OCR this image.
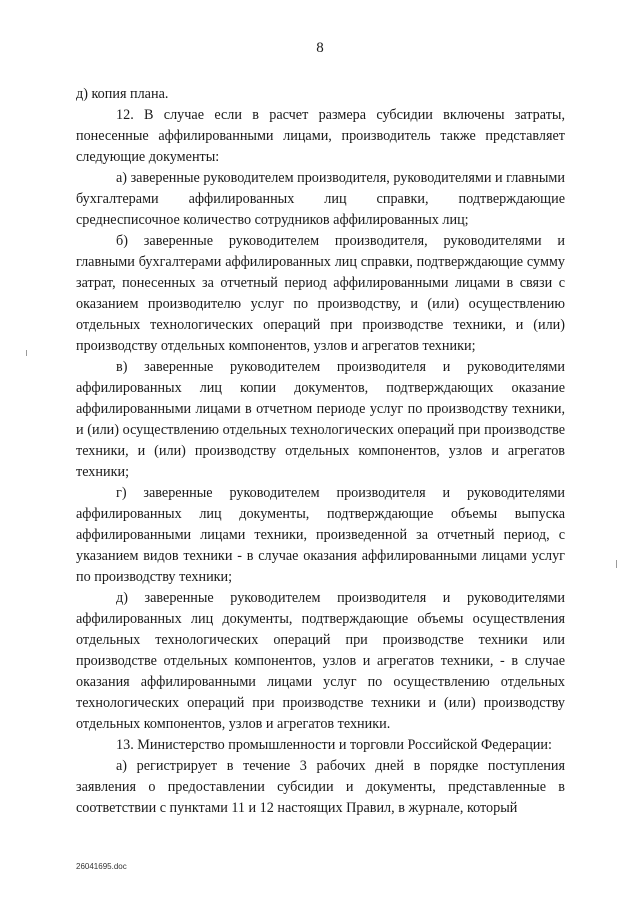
8

д) копия плана.

12. В случае если в расчет размера субсидии включены затраты, понесенные аффилированными лицами, производитель также представляет следующие документы:

а) заверенные руководителем производителя, руководителями и главными бухгалтерами аффилированных лиц справки, подтверждающие среднесписочное количество сотрудников аффилированных лиц;

б) заверенные руководителем производителя, руководителями и главными бухгалтерами аффилированных лиц справки, подтверждающие сумму затрат, понесенных за отчетный период аффилированными лицами в связи с оказанием производителю услуг по производству, и (или) осуществлению отдельных технологических операций при производстве техники, и (или) производству отдельных компонентов, узлов и агрегатов техники;

в) заверенные руководителем производителя и руководителями аффилированных лиц копии документов, подтверждающих оказание аффилированными лицами в отчетном периоде услуг по производству техники, и (или) осуществлению отдельных технологических операций при производстве техники, и (или) производству отдельных компонентов, узлов и агрегатов техники;

г) заверенные руководителем производителя и руководителями аффилированных лиц документы, подтверждающие объемы выпуска аффилированными лицами техники, произведенной за отчетный период, с указанием видов техники - в случае оказания аффилированными лицами услуг по производству техники;

д) заверенные руководителем производителя и руководителями аффилированных лиц документы, подтверждающие объемы осуществления отдельных технологических операций при производстве техники или производстве отдельных компонентов, узлов и агрегатов техники, - в случае оказания аффилированными лицами услуг по осуществлению отдельных технологических операций при производстве техники и (или) производству отдельных компонентов, узлов и агрегатов техники.

13. Министерство промышленности и торговли Российской Федерации:

а) регистрирует в течение 3 рабочих дней в порядке поступления заявления о предоставлении субсидии и документы, представленные в соответствии с пунктами 11 и 12 настоящих Правил, в журнале, который

26041695.doc
